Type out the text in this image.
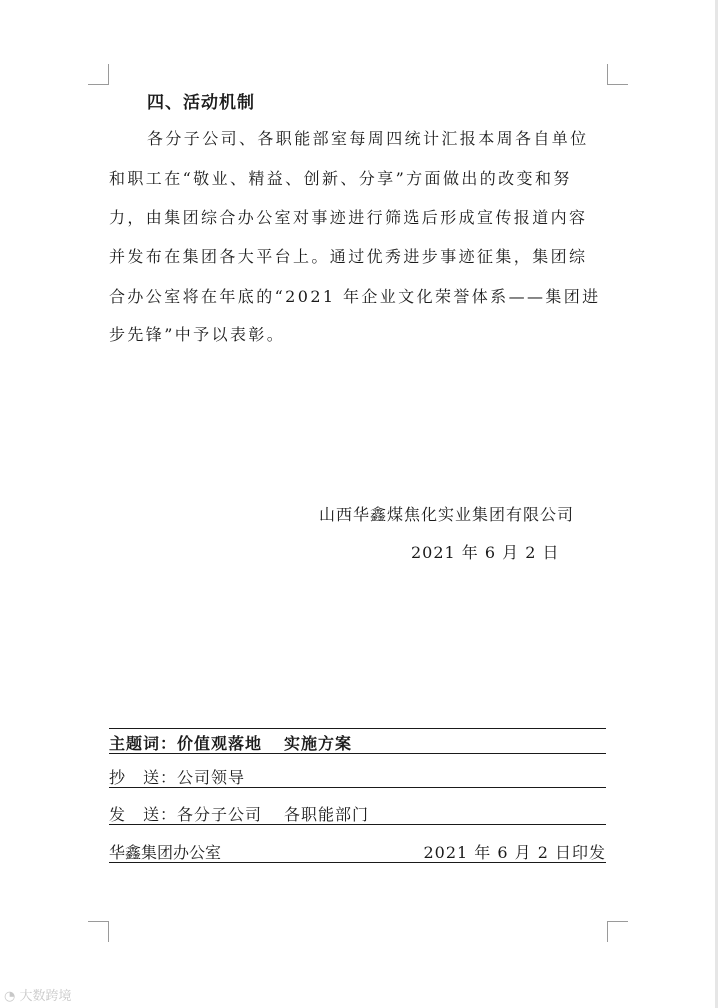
四、活动机制
各分子公司、各职能部室每周四统计汇报本周各自单位
和职工在“敬业、精益、创新、分享”方面做出的改变和努
力，由集团综合办公室对事迹进行筛选后形成宣传报道内容
并发布在集团各大平台上。通过优秀进步事迹征集，集团综
合办公室将在年底的“2021 年企业文化荣誉体系——集团进
步先锋”中予以表彰。
山西华鑫煤焦化实业集团有限公司
2021 年 6 月 2 日
主题词：价值观落地 实施方案
抄　送：公司领导
发　送：各分子公司 各职能部门
华鑫集团办公室	2021 年 6 月 2 日印发
◔ 大数跨境
